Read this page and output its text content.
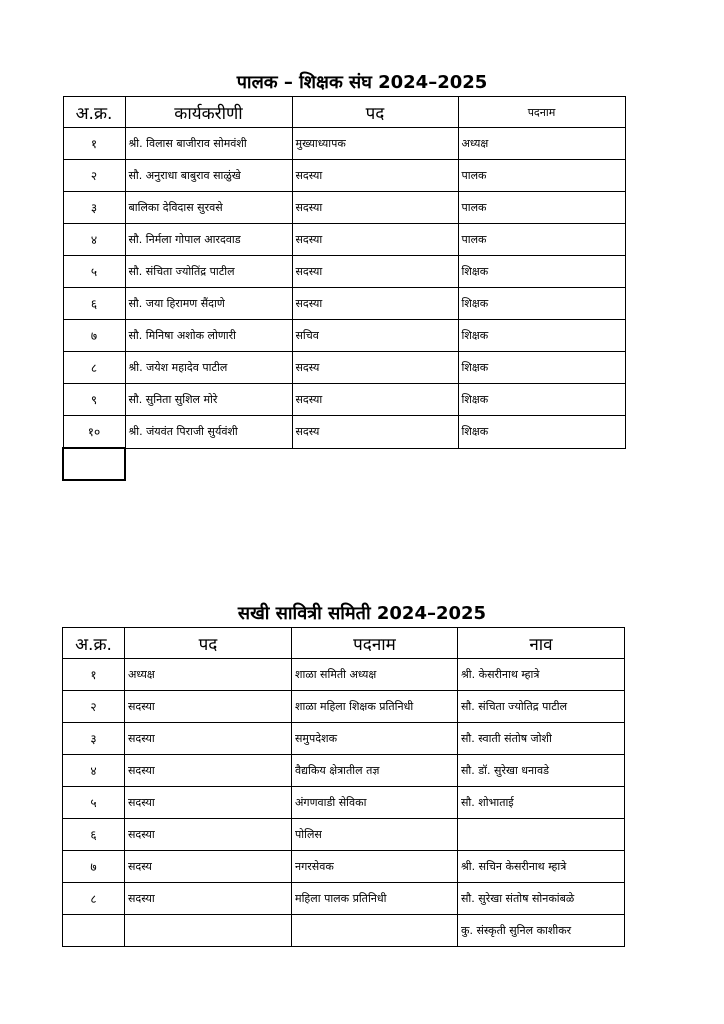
पालक – शिक्षक संघ 2024–2025
अ.क्र.	कार्यकरीणी	पद	पदनाम
१	श्री. विलास बाजीराव सोमवंशी	मुख्याध्यापक	अध्यक्ष
२	सौ. अनुराधा बाबुराव साळुंखे	सदस्या	पालक
३	बालिका देविदास सुरवसे	सदस्या	पालक
४	सौ. निर्मला गोपाल आरदवाड	सदस्या	पालक
५	सौ. संचिता ज्योतिंद्र पाटील	सदस्या	शिक्षक
६	सौ. जया हिरामण सैंदाणे	सदस्या	शिक्षक
७	सौ. मिनिषा अशोक लोणारी	सचिव	शिक्षक
८	श्री. जयेश महादेव पाटील	सदस्य	शिक्षक
९	सौ. सुनिता सुशिल मोरे	सदस्या	शिक्षक
१०	श्री. जंयवंत पिराजी सुर्यवंशी	सदस्य	शिक्षक

सखी सावित्री समिती 2024–2025
अ.क्र.	पद	पदनाम	नाव
१	अध्यक्ष	शाळा समिती अध्यक्ष	श्री. केसरीनाथ म्हात्रे
२	सदस्या	शाळा महिला शिक्षक प्रतिनिधी	सौ. संचिता ज्योतिद्र पाटील
३	सदस्या	समुपदेशक	सौ. स्वाती संतोष जोशी
४	सदस्या	वैद्यकिय क्षेत्रातील तज्ञ	सौ. डॉ. सुरेखा धनावडे
५	सदस्या	अंगणवाडी सेविका	सौ. शोभाताई
६	सदस्या	पोलिस	
७	सदस्य	नगरसेवक	श्री. सचिन केसरीनाथ म्हात्रे
८	सदस्या	महिला पालक प्रतिनिधी	सौ. सुरेखा संतोष सोनकांबळे
			कु. संस्कृती सुनिल काशीकर
